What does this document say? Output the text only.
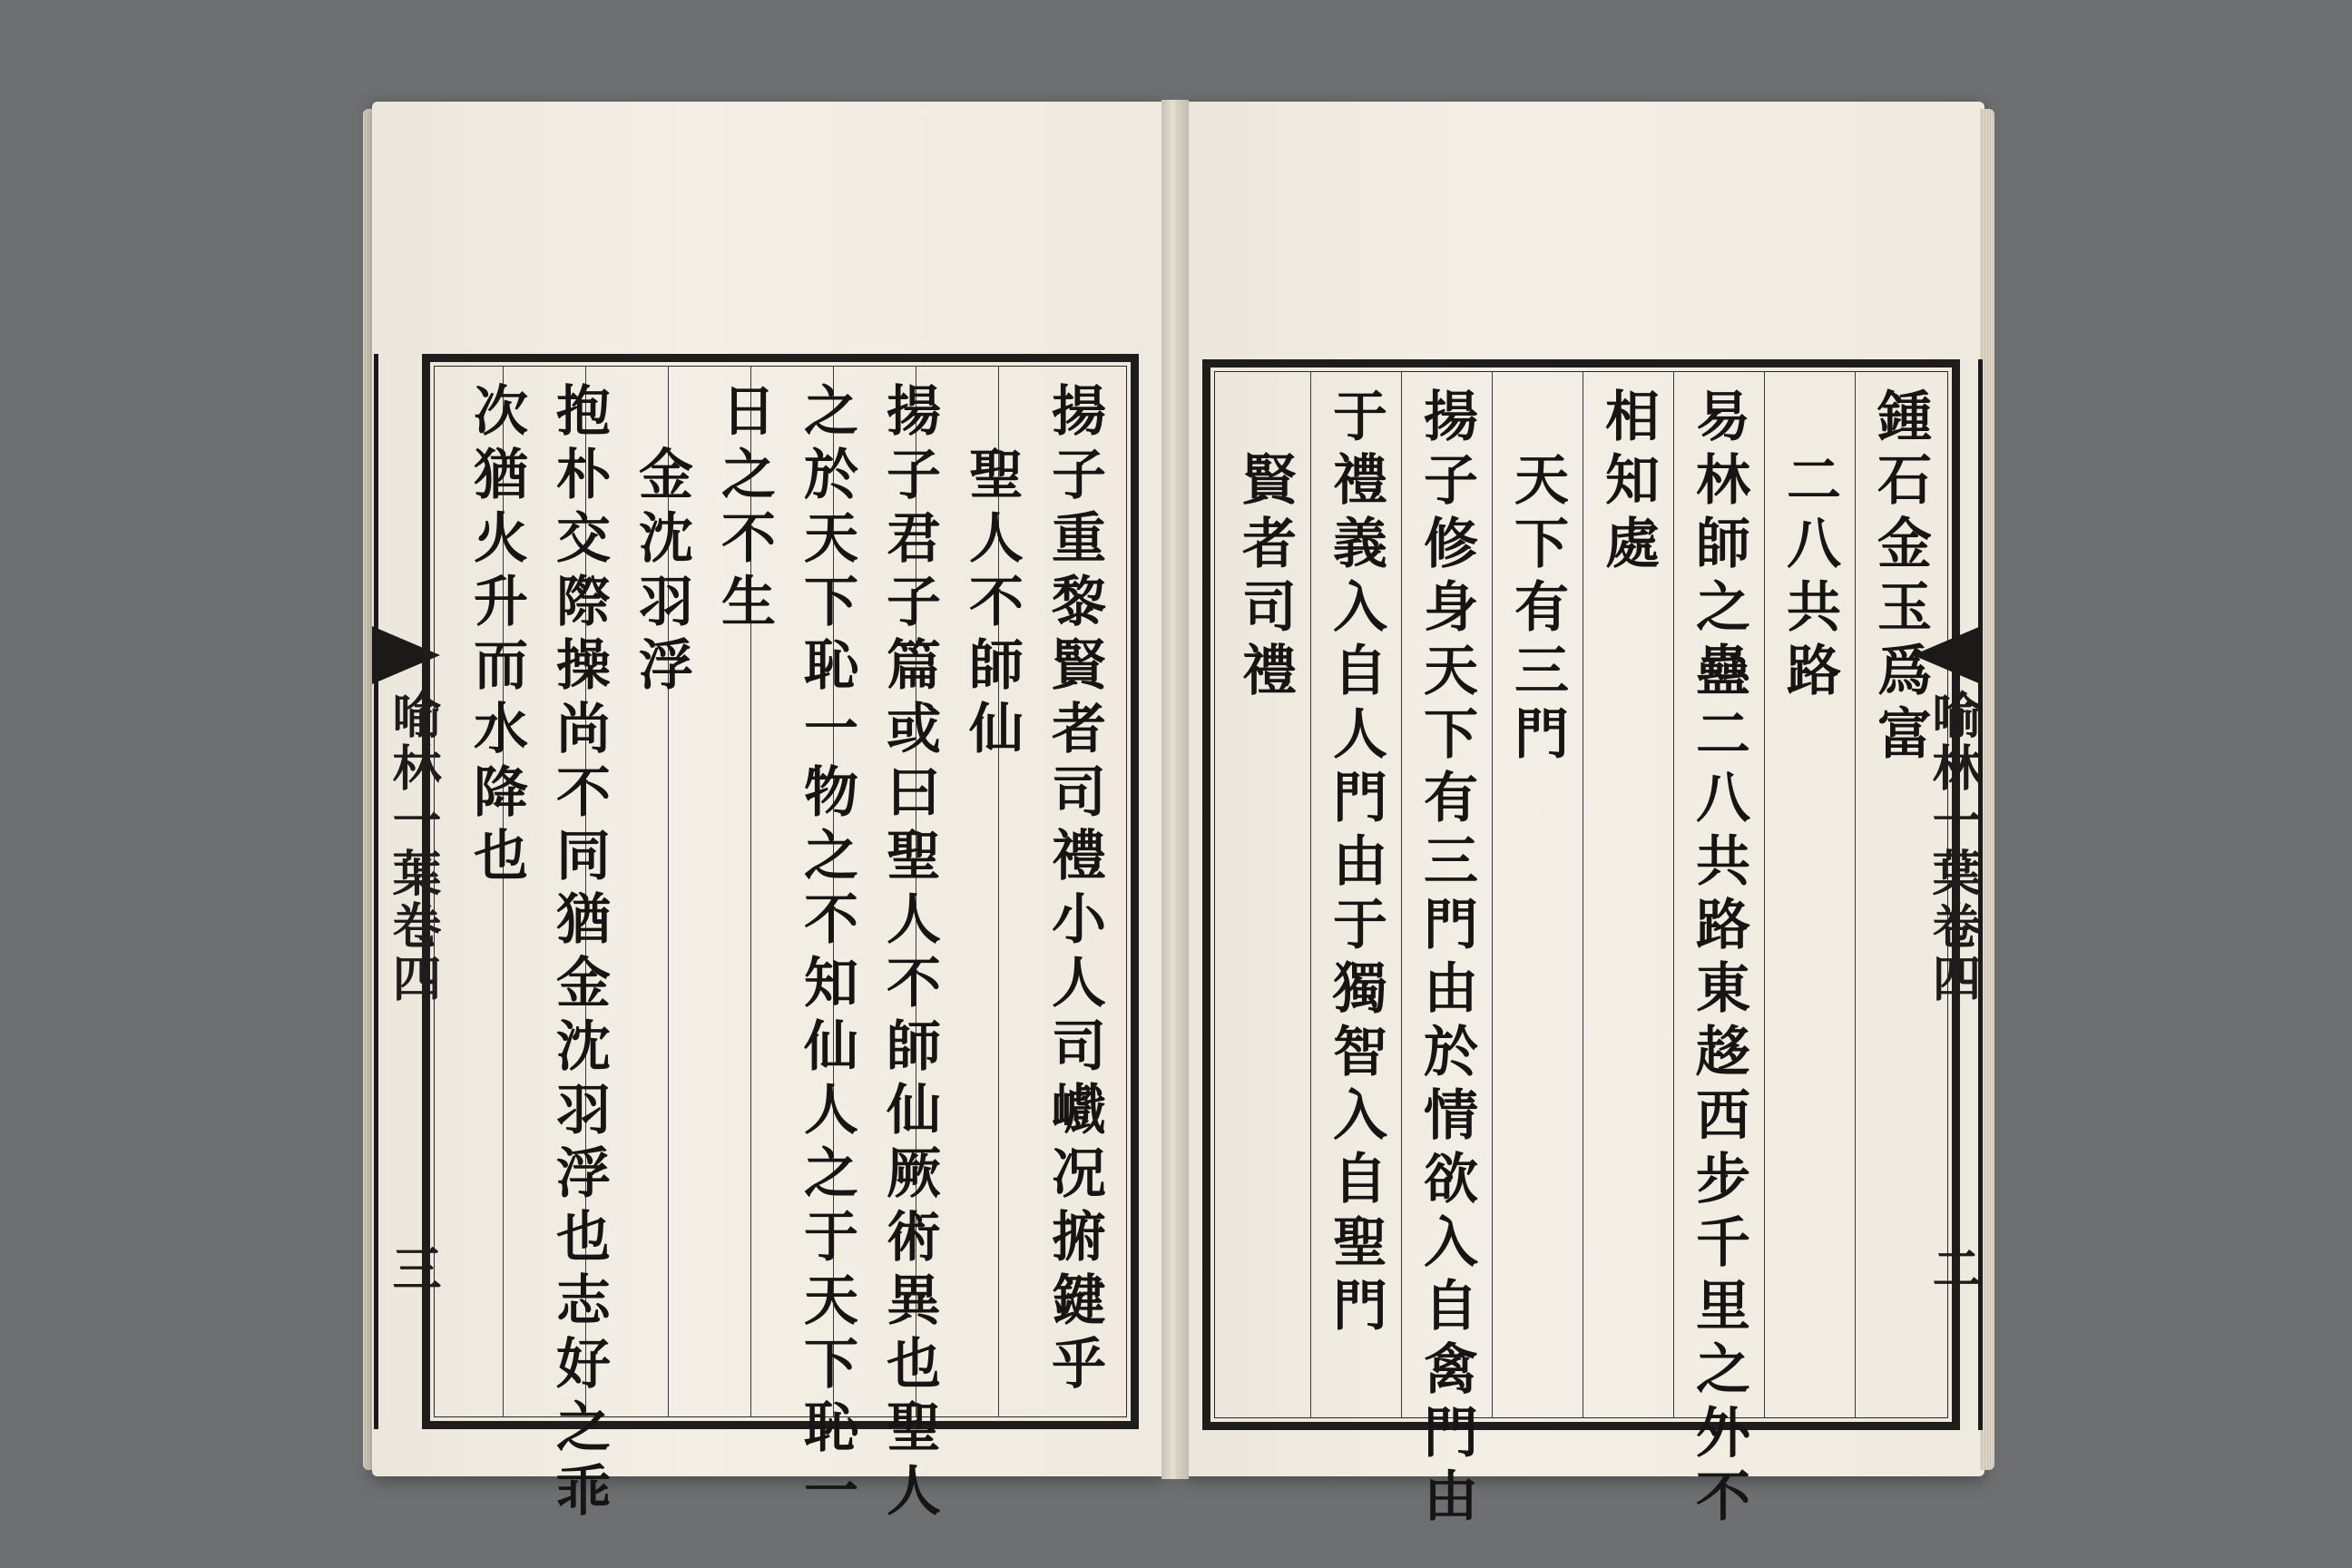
喻林一葉卷四
三	揚子重黎賢者司禮小人司巇况捬鍵乎
聖人不師仙
揚子君子篇或曰聖人不師仙厥術異也聖人
之於天下恥一物之不知仙人之于天下恥一
日之不生
金沈羽浮
抱朴交際操尚不同猶金沈羽浮也志好之乖
次猶火升而水降也	鍾石金玉爲富
二八共路
易林師之蠱二八共路東趍西步千里之外不
相知處
天下有三門
揚子修身天下有三門由於情欲入自禽門由
于禮義入自人門由于獨智入自聖門
賢者司禮
喻林一葉卷四
二
